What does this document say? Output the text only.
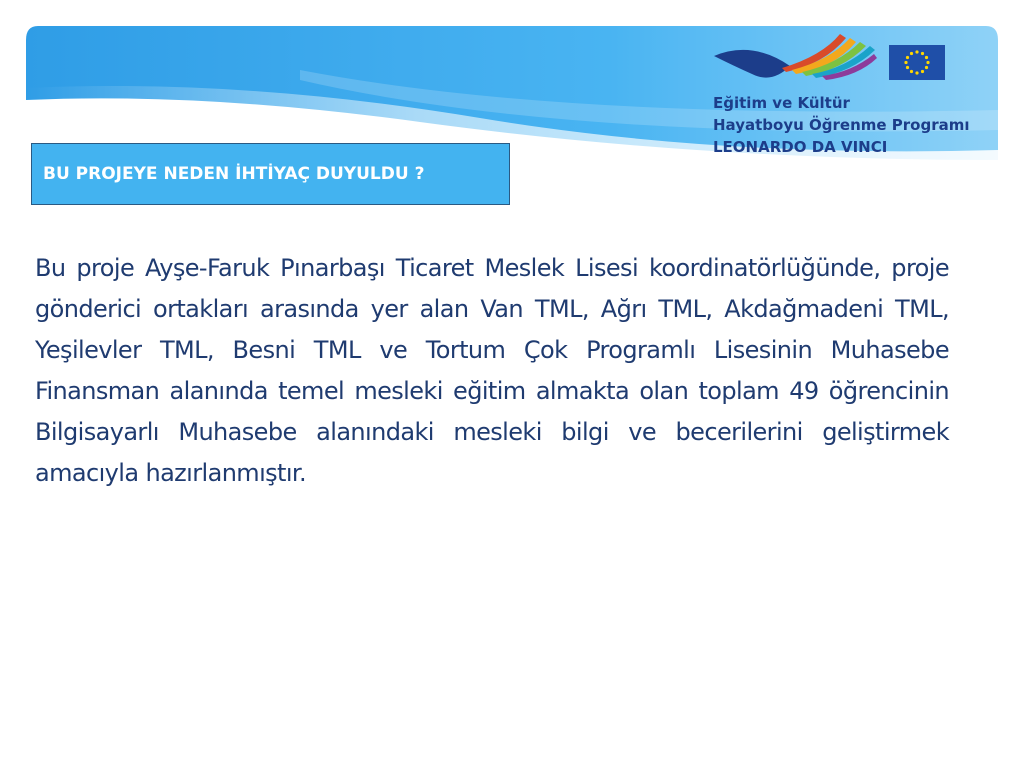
Eğitim ve Kültür
Hayatboyu Öğrenme Programı
LEONARDO DA VINCI
BU PROJEYE NEDEN İHTİYAÇ DUYULDU ?

Bu proje Ayşe-Faruk Pınarbaşı Ticaret Meslek Lisesi koordinatörlüğünde, proje gönderici ortakları arasında yer alan Van TML, Ağrı TML, Akdağmadeni TML, Yeşilevler TML, Besni TML ve Tortum Çok Programlı Lisesinin Muhasebe Finansman alanında temel mesleki eğitim almakta olan toplam 49 öğrencinin Bilgisayarlı Muhasebe alanındaki mesleki bilgi ve becerilerini geliştirmek amacıyla hazırlanmıştır.
